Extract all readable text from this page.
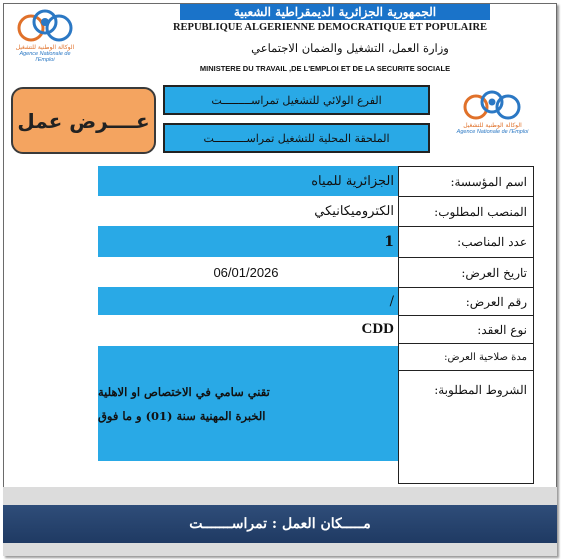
الوكالة الوطنية للتشغيل
Agence Nationale de l'Emploi
الجمهورية الجزائرية الديمقراطية الشعبية
REPUBLIQUE ALGERIENNE DEMOCRATIQUE ET POPULAIRE
وزارة العمل، التشغيل والضمان الاجتماعي
MINISTERE DU TRAVAIL ,DE L'EMPLOI ET DE LA SECURITE SOCIALE
عــــرض عمل
الفرع الولائي للتشغيل تمراســـــــــت
الملحقة المحلية للتشغيل تمراســــــــــت
الوكالة الوطنية للتشغيل
Agence Nationale de l'Emploi
اسم المؤسسة:
المنصب المطلوب:
عدد المناصب:
تاريخ العرض:
رقم العرض:
نوع العقد:
مدة صلاحية العرض:
الشروط المطلوبة:
الجزائرية للمياه
الكتروميكانيكي
1
06/01/2026
/
CDD
تقني سامي في الاختصاص او الاهلية
الخبرة المهنية سنة (01) و ما فوق
مـــــكان العمل : تمراســـــــت
